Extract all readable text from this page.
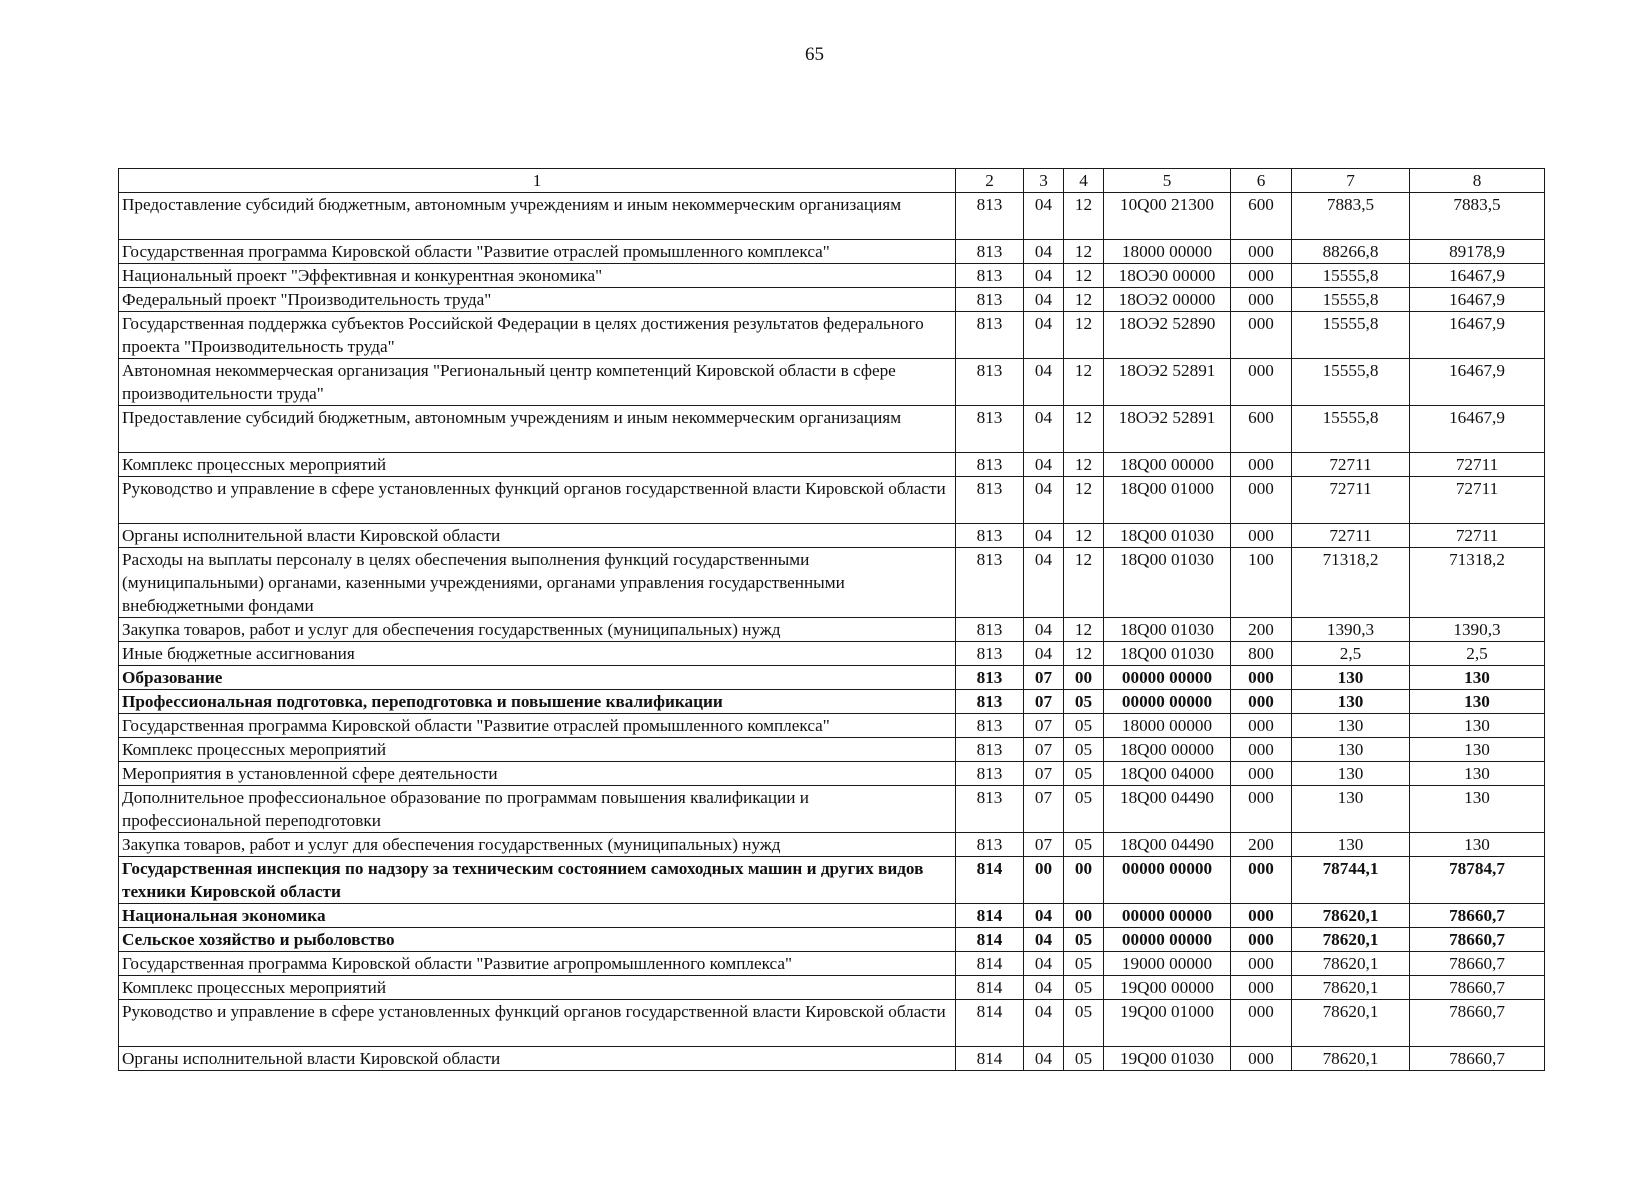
65
1	2	3	4	5	6	7	8
Предоставление субсидий бюджетным, автономным учреждениям и иным некоммерческим организациям	813	04	12	10Q00 21300	600	7883,5	7883,5
Государственная программа Кировской области "Развитие отраслей промышленного комплекса"	813	04	12	18000 00000	000	88266,8	89178,9
Национальный проект "Эффективная и конкурентная экономика"	813	04	12	18ОЭ0 00000	000	15555,8	16467,9
Федеральный проект "Производительность труда"	813	04	12	18ОЭ2 00000	000	15555,8	16467,9
Государственная поддержка субъектов Российской Федерации в целях достижения результатов федерального проекта "Производительность труда"	813	04	12	18ОЭ2 52890	000	15555,8	16467,9
Автономная некоммерческая организация "Региональный центр компетенций Кировской области в сфере производительности труда"	813	04	12	18ОЭ2 52891	000	15555,8	16467,9
Предоставление субсидий бюджетным, автономным учреждениям и иным некоммерческим организациям	813	04	12	18ОЭ2 52891	600	15555,8	16467,9
Комплекс процессных мероприятий	813	04	12	18Q00 00000	000	72711	72711
Руководство и управление в сфере установленных функций органов государственной власти Кировской области	813	04	12	18Q00 01000	000	72711	72711
Органы исполнительной власти Кировской области	813	04	12	18Q00 01030	000	72711	72711
Расходы на выплаты персоналу в целях обеспечения выполнения функций государственными (муниципальными) органами, казенными учреждениями, органами управления государственными внебюджетными фондами	813	04	12	18Q00 01030	100	71318,2	71318,2
Закупка товаров, работ и услуг для обеспечения государственных (муниципальных) нужд	813	04	12	18Q00 01030	200	1390,3	1390,3
Иные бюджетные ассигнования	813	04	12	18Q00 01030	800	2,5	2,5
Образование	813	07	00	00000 00000	000	130	130
Профессиональная подготовка, переподготовка и повышение квалификации	813	07	05	00000 00000	000	130	130
Государственная программа Кировской области "Развитие отраслей промышленного комплекса"	813	07	05	18000 00000	000	130	130
Комплекс процессных мероприятий	813	07	05	18Q00 00000	000	130	130
Мероприятия в установленной сфере деятельности	813	07	05	18Q00 04000	000	130	130
Дополнительное профессиональное образование по программам повышения квалификации и профессиональной переподготовки	813	07	05	18Q00 04490	000	130	130
Закупка товаров, работ и услуг для обеспечения государственных (муниципальных) нужд	813	07	05	18Q00 04490	200	130	130
Государственная инспекция по надзору за техническим состоянием самоходных машин и других видов техники Кировской области	814	00	00	00000 00000	000	78744,1	78784,7
Национальная экономика	814	04	00	00000 00000	000	78620,1	78660,7
Сельское хозяйство и рыболовство	814	04	05	00000 00000	000	78620,1	78660,7
Государственная программа Кировской области "Развитие агропромышленного комплекса"	814	04	05	19000 00000	000	78620,1	78660,7
Комплекс процессных мероприятий	814	04	05	19Q00 00000	000	78620,1	78660,7
Руководство и управление в сфере установленных функций органов государственной власти Кировской области	814	04	05	19Q00 01000	000	78620,1	78660,7
Органы исполнительной власти Кировской области	814	04	05	19Q00 01030	000	78620,1	78660,7
